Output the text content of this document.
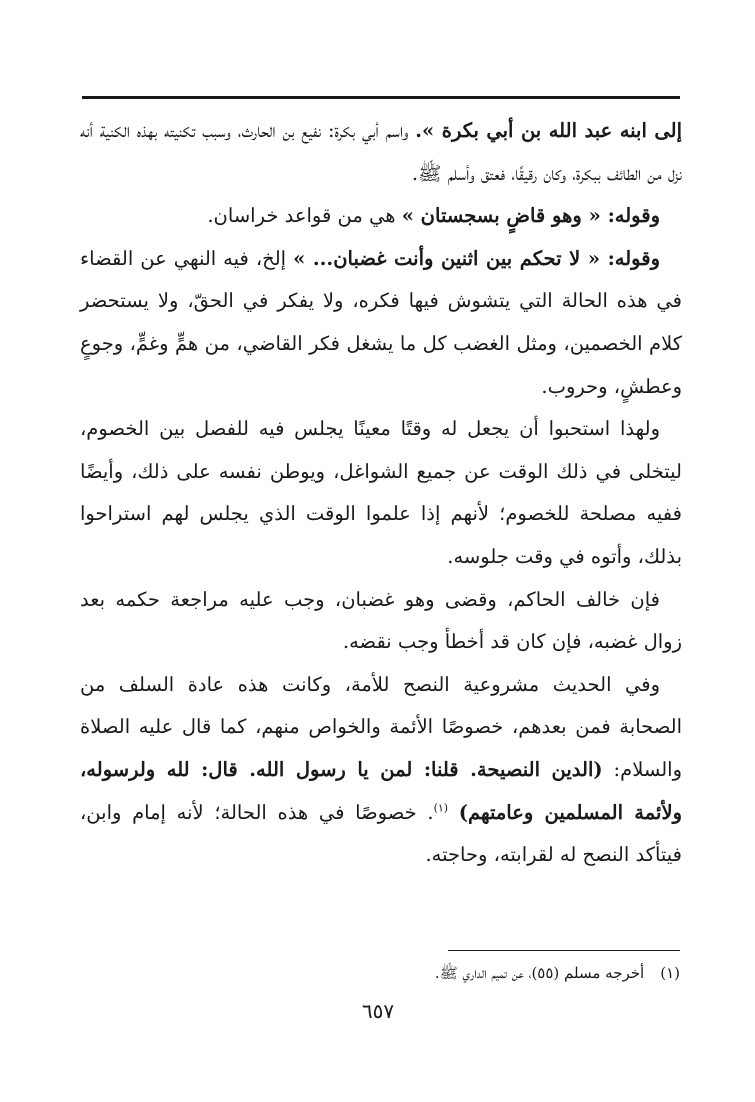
إلى ابنه عبد الله بن أبي بكرة ». واسم أبي بكرة: نفيع بن الحارث، وسبب تكنيته بهذه الكنية أنه نزل من الطائف ببكرة، وكان رقيقًا، فعتق وأسلم ﷺ.

وقوله: « وهو قاضٍ بسجستان » هي من قواعد خراسان.

وقوله: « لا تحكم بين اثنين وأنت غضبان... » إلخ، فيه النهي عن القضاء في هذه الحالة التي يتشوش فيها فكره، ولا يفكر في الحقّ، ولا يستحضر كلام الخصمين، ومثل الغضب كل ما يشغل فكر القاضي، من همٍّ وغمٍّ، وجوعٍ وعطشٍ، وحروب.

ولهذا استحبوا أن يجعل له وقتًا معينًا يجلس فيه للفصل بين الخصوم، ليتخلى في ذلك الوقت عن جميع الشواغل، ويوطن نفسه على ذلك، وأيضًا ففيه مصلحة للخصوم؛ لأنهم إذا علموا الوقت الذي يجلس لهم استراحوا بذلك، وأتوه في وقت جلوسه.

فإن خالف الحاكم، وقضى وهو غضبان، وجب عليه مراجعة حكمه بعد زوال غضبه، فإن كان قد أخطأ وجب نقضه.

وفي الحديث مشروعية النصح للأمة، وكانت هذه عادة السلف من الصحابة فمن بعدهم، خصوصًا الأئمة والخواص منهم، كما قال عليه الصلاة والسلام: (الدين النصيحة. قلنا: لمن يا رسول الله. قال: لله ولرسوله، ولأئمة المسلمين وعامتهم) $^{(١)}$. خصوصًا في هذه الحالة؛ لأنه إمام وابن، فيتأكد النصح له لقرابته، وحاجته.

(١)أخرجه مسلم (٥٥)، عن تميم الداري ﷺ.
٦٥٧
